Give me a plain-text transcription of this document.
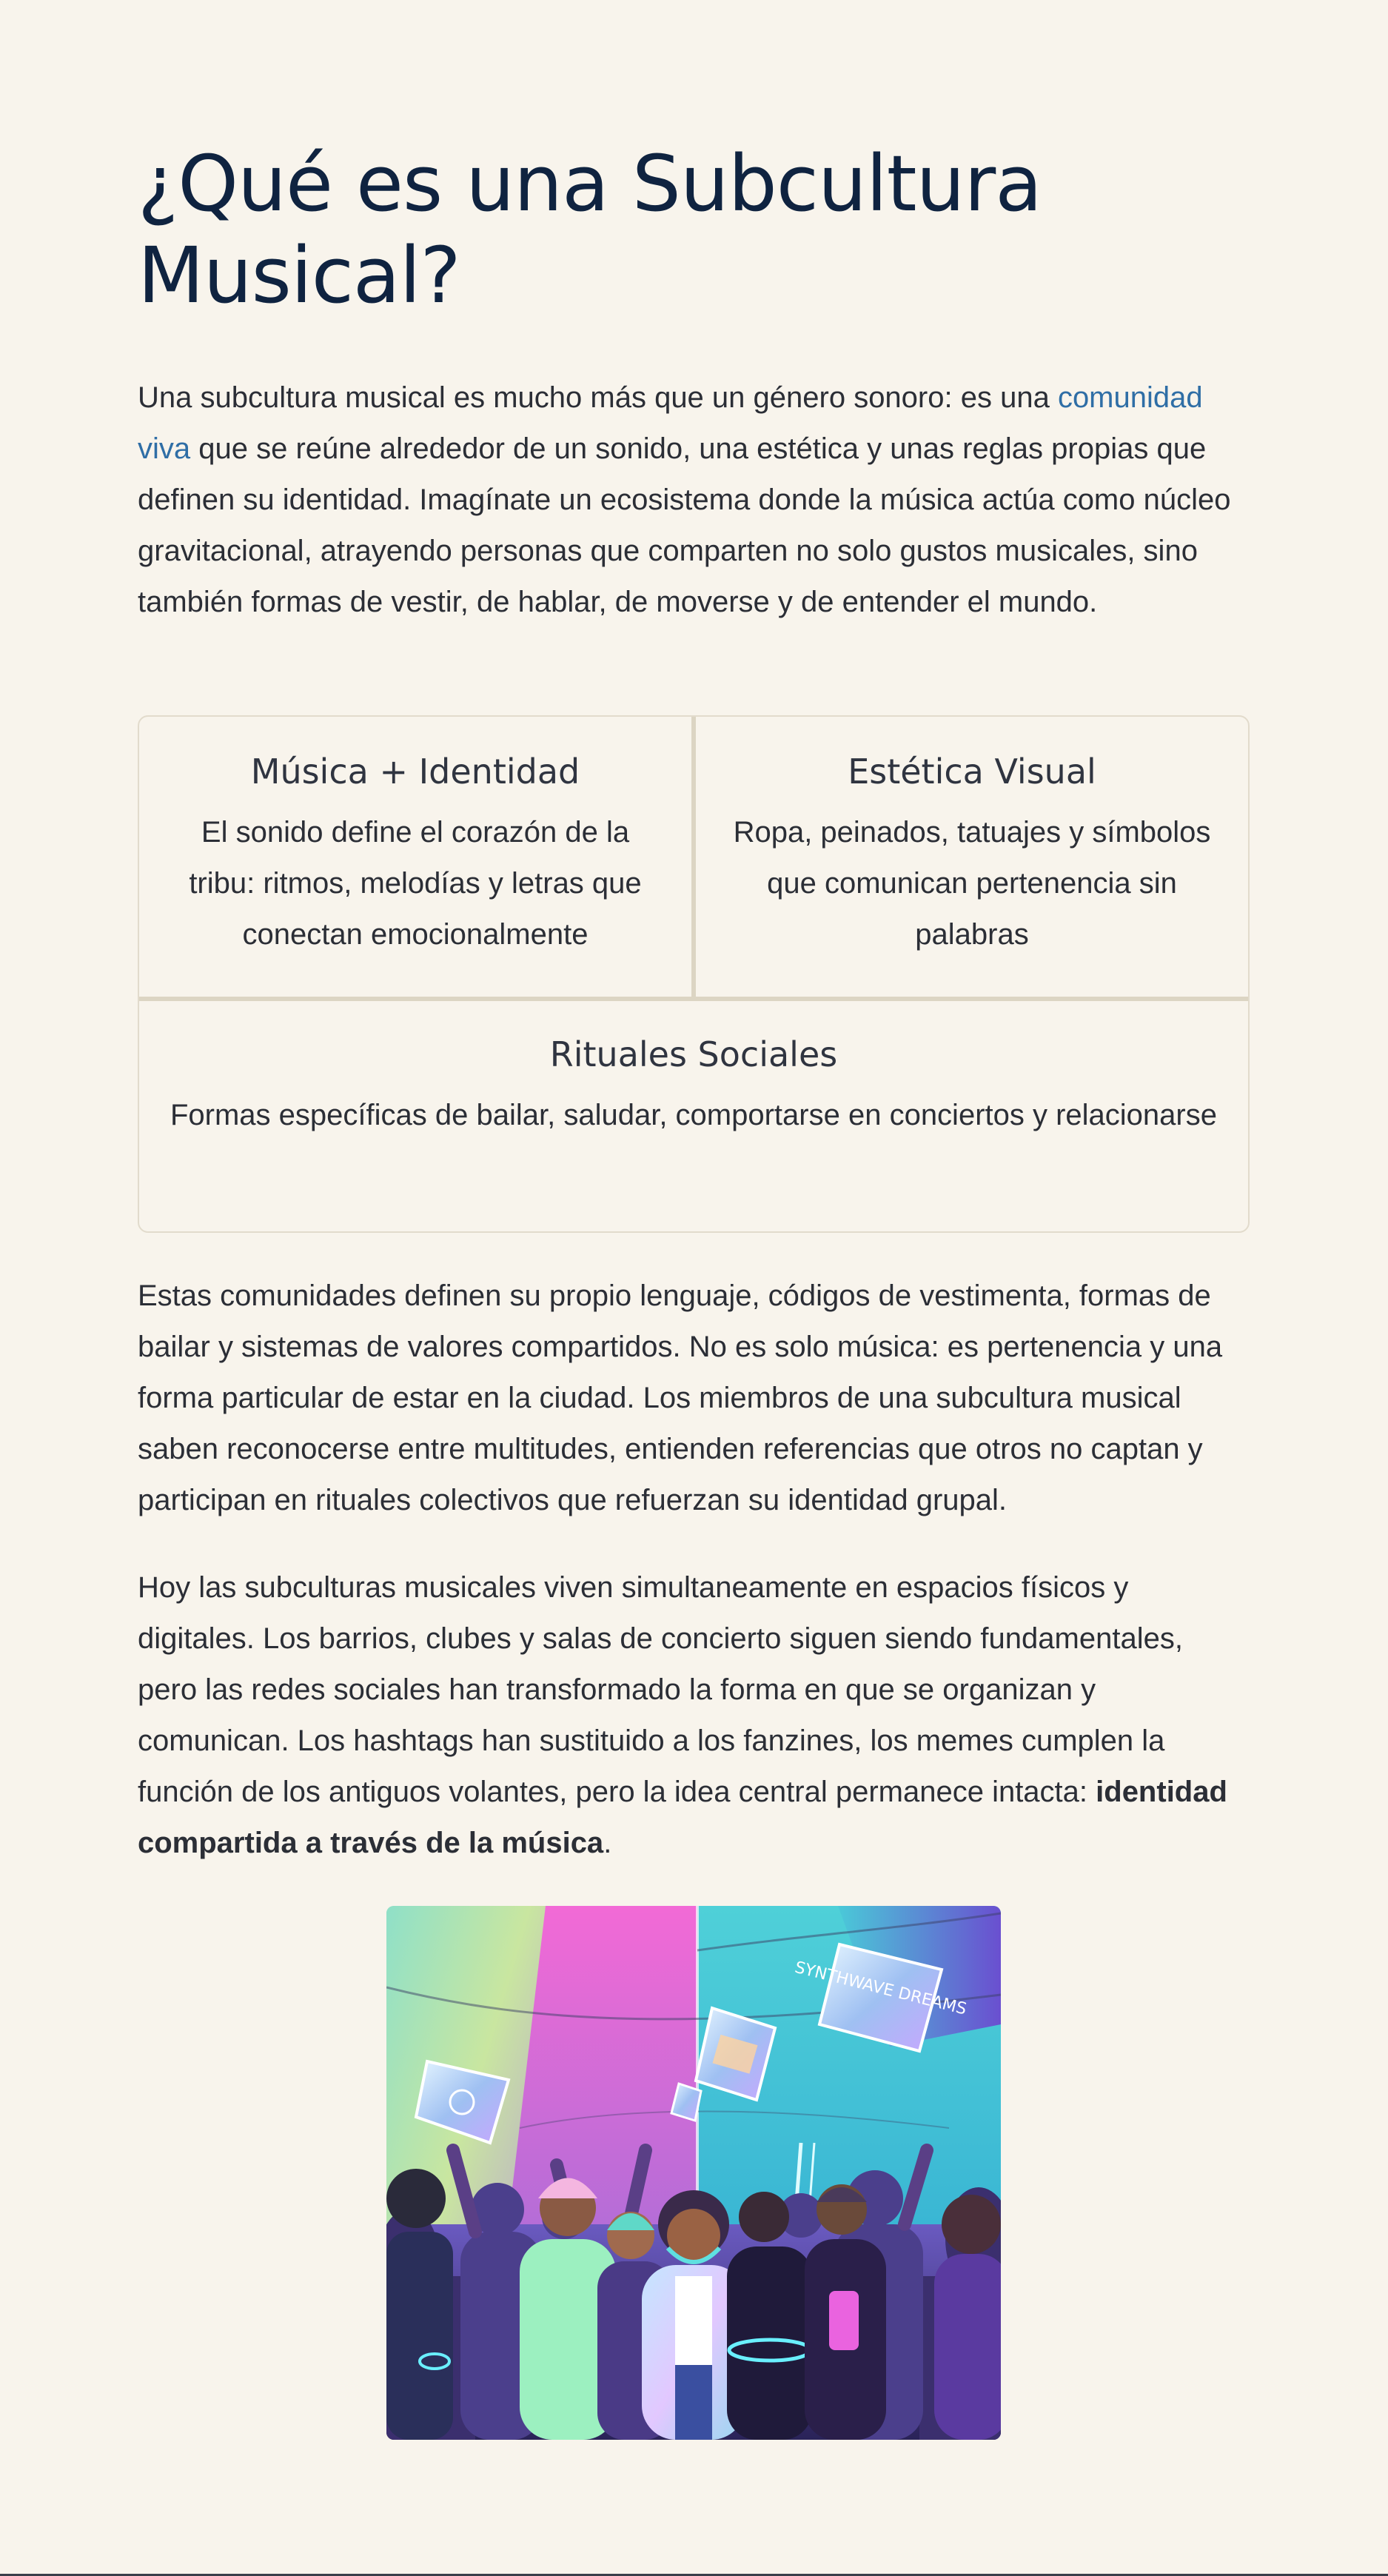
¿Qué es una Subcultura Musical?

Una subcultura musical es mucho más que un género sonoro: es una comunidad viva que se reúne alrededor de un sonido, una estética y unas reglas propias que definen su identidad. Imagínate un ecosistema donde la música actúa como núcleo gravitacional, atrayendo personas que comparten no solo gustos musicales, sino también formas de vestir, de hablar, de moverse y de entender el mundo.

Música + Identidad

El sonido define el corazón de la tribu: ritmos, melodías y letras que conectan emocionalmente

Estética Visual

Ropa, peinados, tatuajes y símbolos que comunican pertenencia sin palabras

Rituales Sociales

Formas específicas de bailar, saludar, comportarse en conciertos y relacionarse

Estas comunidades definen su propio lenguaje, códigos de vestimenta, formas de bailar y sistemas de valores compartidos. No es solo música: es pertenencia y una forma particular de estar en la ciudad. Los miembros de una subcultura musical saben reconocerse entre multitudes, entienden referencias que otros no captan y participan en rituales colectivos que refuerzan su identidad grupal.

Hoy las subculturas musicales viven simultaneamente en espacios físicos y digitales. Los barrios, clubes y salas de concierto siguen siendo fundamentales, pero las redes sociales han transformado la forma en que se organizan y comunican. Los hashtags han sustituido a los fanzines, los memes cumplen la función de los antiguos volantes, pero la idea central permanece intacta: identidad compartida a través de la música.

SYNTHWAVE DREAMS
